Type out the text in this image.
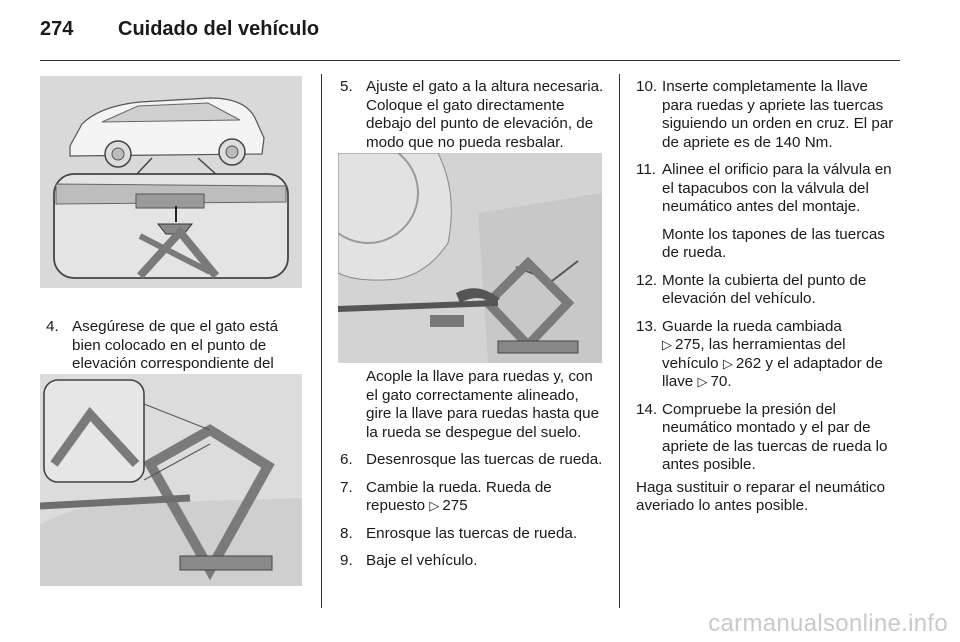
274 Cuidado del vehículo
4. Asegúrese de que el gato está bien colocado en el punto de elevación correspondiente del
5. Ajuste el gato a la altura necesaria. Coloque el gato directamente debajo del punto de elevación, de modo que no pueda resbalar.
Acople la llave para ruedas y, con el gato correctamente alineado, gire la llave para ruedas hasta que la rueda se despegue del suelo.
6. Desenrosque las tuercas de rueda.
7. Cambie la rueda. Rueda de repuesto ▷ 275
8. Enrosque las tuercas de rueda.
9. Baje el vehículo.
10. Inserte completamente la llave para ruedas y apriete las tuercas siguiendo un orden en cruz. El par de apriete es de 140 Nm.
11. Alinee el orificio para la válvula en el tapacubos con la válvula del neumático antes del montaje.
Monte los tapones de las tuercas de rueda.
12. Monte la cubierta del punto de elevación del vehículo.
13. Guarde la rueda cambiada
▷ 275, las herramientas del vehículo ▷ 262 y el adaptador de llave ▷ 70.
14. Compruebe la presión del neumático montado y el par de apriete de las tuercas de rueda lo antes posible.
Haga sustituir o reparar el neumático averiado lo antes posible.
carmanualsonline.info
